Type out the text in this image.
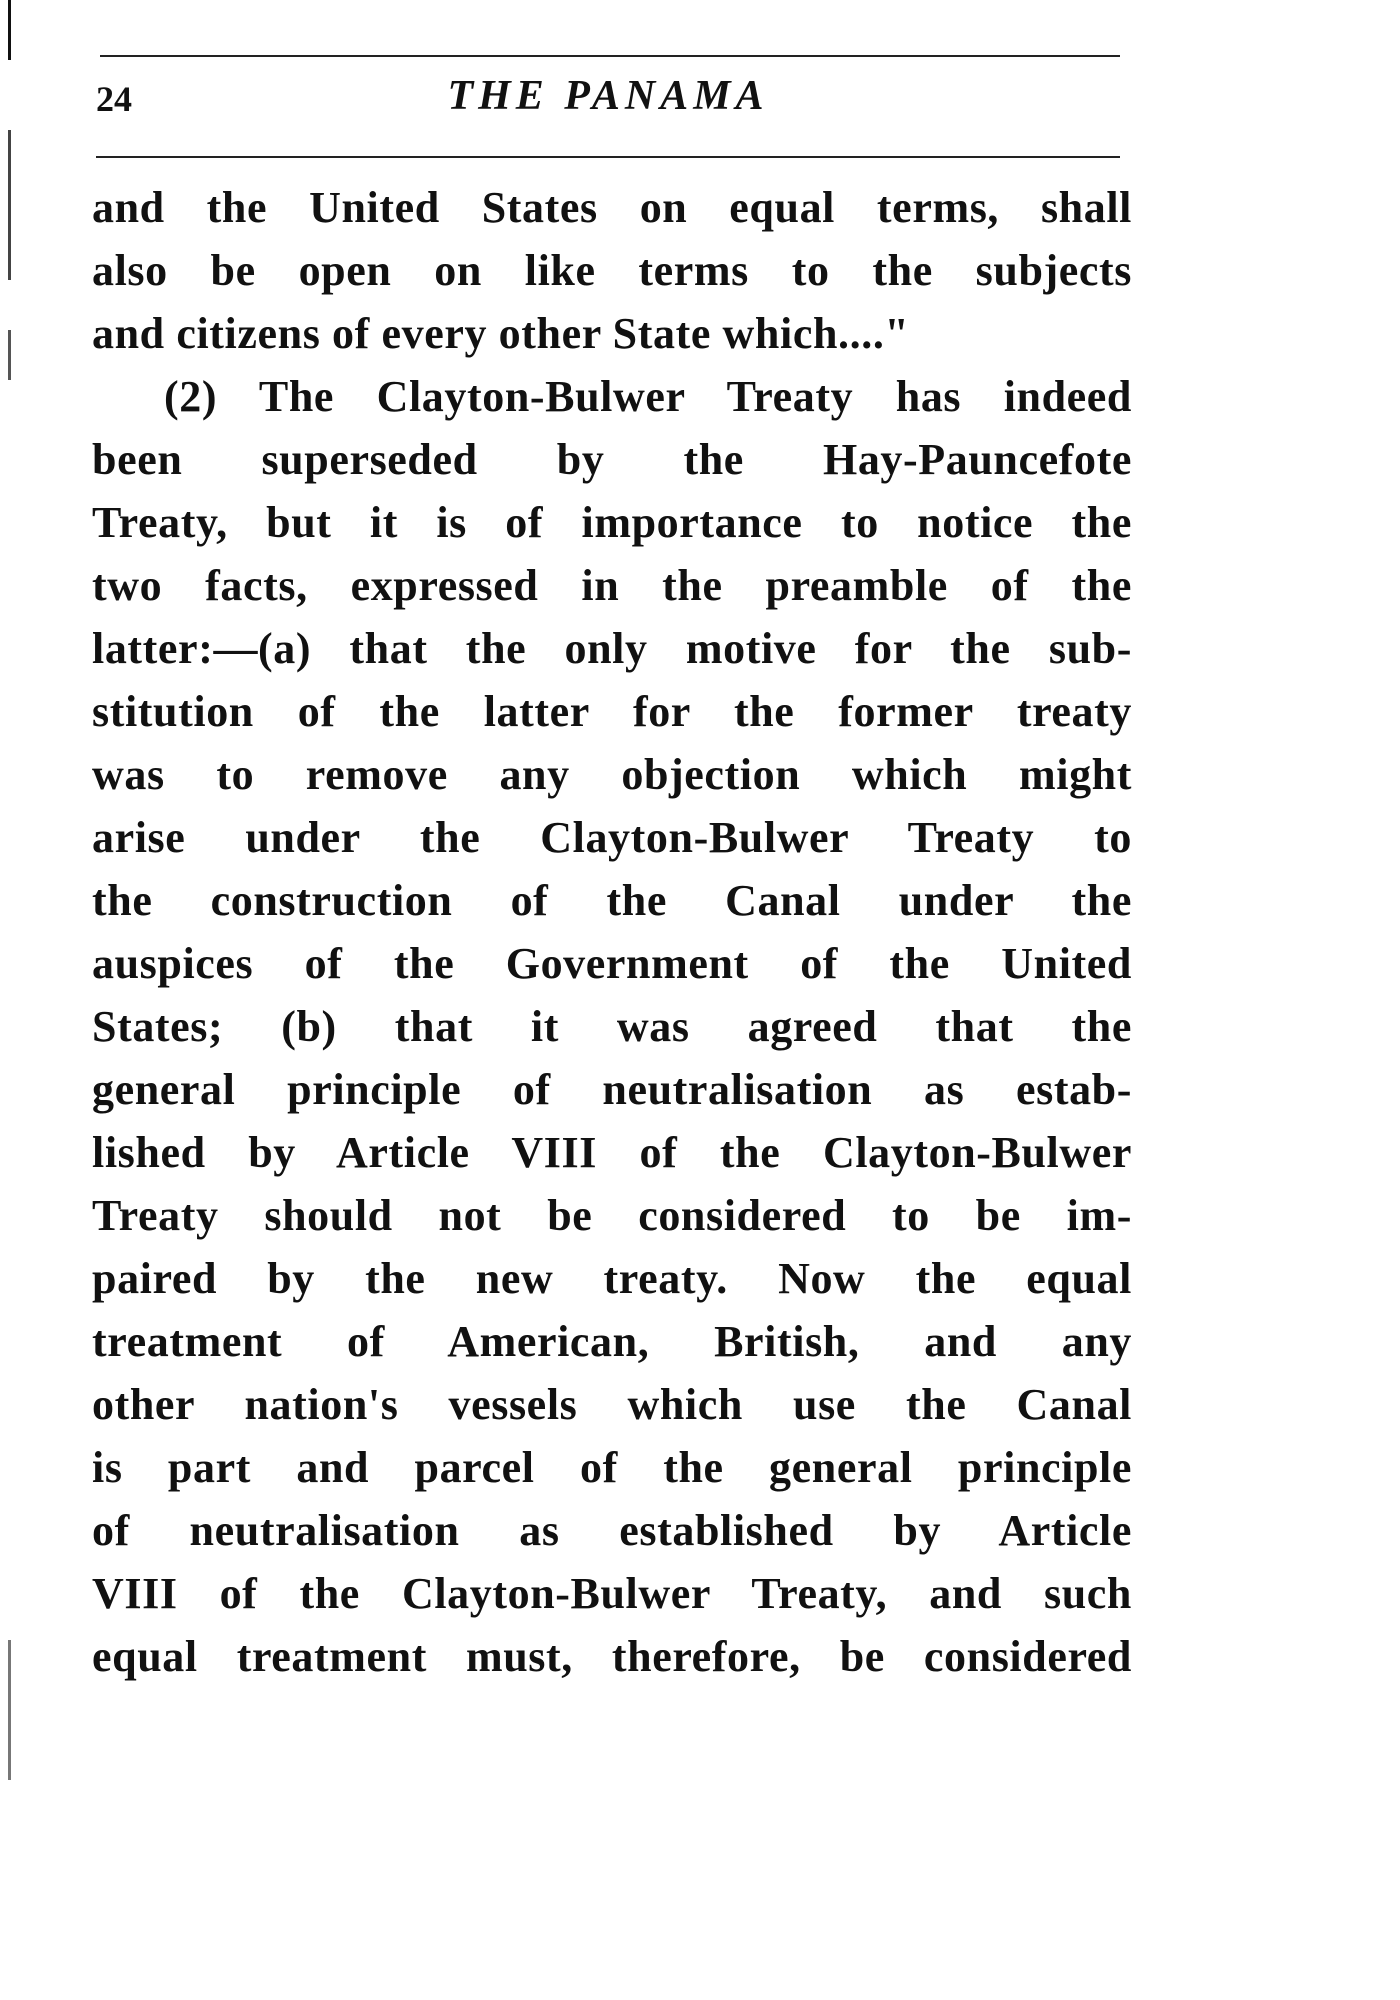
24	THE PANAMA
and the United States on equal terms, shall
also be open on like terms to the subjects
and citizens of every other State which...."
(2) The Clayton-Bulwer Treaty has indeed
been superseded by the Hay-Pauncefote
Treaty, but it is of importance to notice the
two facts, expressed in the preamble of the
latter:—(a) that the only motive for the sub-
stitution of the latter for the former treaty
was to remove any objection which might
arise under the Clayton-Bulwer Treaty to
the construction of the Canal under the
auspices of the Government of the United
States; (b) that it was agreed that the
general principle of neutralisation as estab-
lished by Article VIII of the Clayton-Bulwer
Treaty should not be considered to be im-
paired by the new treaty. Now the equal
treatment of American, British, and any
other nation's vessels which use the Canal
is part and parcel of the general principle
of neutralisation as established by Article
VIII of the Clayton-Bulwer Treaty, and such
equal treatment must, therefore, be considered
